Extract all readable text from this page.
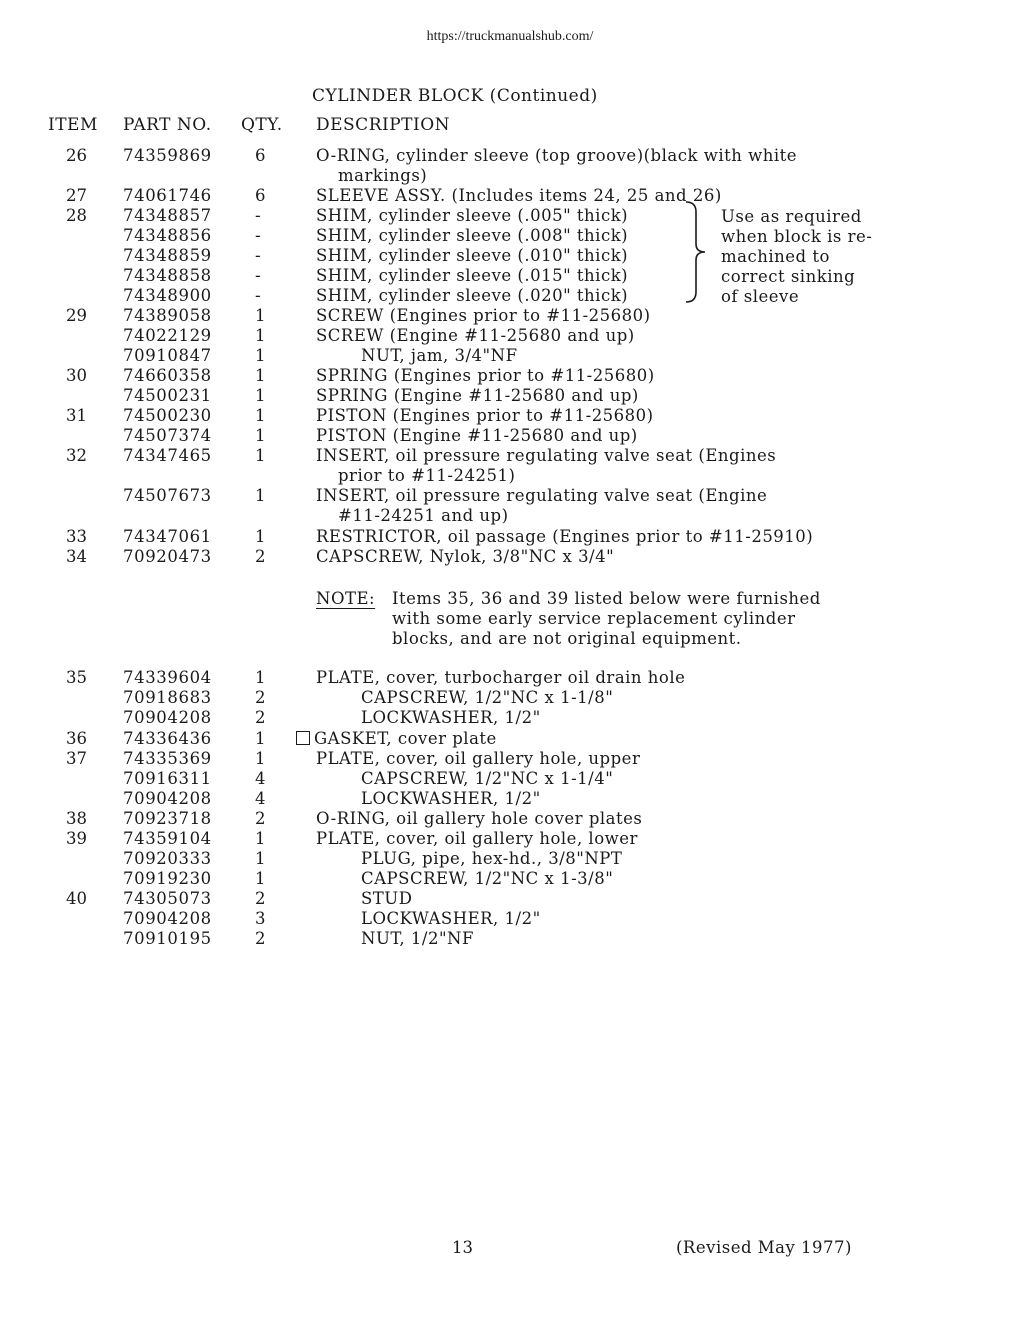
https://truckmanualshub.com/
CYLINDER BLOCK (Continued)
ITEM PART NO. QTY. DESCRIPTION
26 74359869	6	O-RING, cylinder sleeve (top groove)(black with white
markings)
27 74061746	6	SLEEVE ASSY. (Includes items 24, 25 and 26)
28 74348857	-	SHIM, cylinder sleeve (.005" thick)
74348856	-	SHIM, cylinder sleeve (.008" thick)
74348859	-	SHIM, cylinder sleeve (.010" thick)
74348858	-	SHIM, cylinder sleeve (.015" thick)
74348900	-	SHIM, cylinder sleeve (.020" thick)
29 74389058	1	SCREW (Engines prior to #11-25680)
74022129	1	SCREW (Engine #11-25680 and up)
70910847	1	NUT, jam, 3/4"NF
30 74660358	1	SPRING (Engines prior to #11-25680)
74500231	1	SPRING (Engine #11-25680 and up)
31 74500230	1	PISTON (Engines prior to #11-25680)
74507374	1	PISTON (Engine #11-25680 and up)
32 74347465	1	INSERT, oil pressure regulating valve seat (Engines
prior to #11-24251)
74507673	1	INSERT, oil pressure regulating valve seat (Engine
#11-24251 and up)
33 74347061	1	RESTRICTOR, oil passage (Engines prior to #11-25910)
34 70920473	2	CAPSCREW, Nylok, 3/8"NC x 3/4"
35 74339604	1	PLATE, cover, turbocharger oil drain hole
70918683	2	CAPSCREW, 1/2"NC x 1-1/8"
70904208	2	LOCKWASHER, 1/2"
36 74336436	1	GASKET, cover plate
37 74335369	1	PLATE, cover, oil gallery hole, upper
70916311	4	CAPSCREW, 1/2"NC x 1-1/4"
70904208	4	LOCKWASHER, 1/2"
38 70923718	2	O-RING, oil gallery hole cover plates
39 74359104	1	PLATE, cover, oil gallery hole, lower
70920333	1	PLUG, pipe, hex-hd., 3/8"NPT
70919230	1	CAPSCREW, 1/2"NC x 1-3/8"
40 74305073	2	STUD
70904208	3	LOCKWASHER, 1/2"
70910195	2	NUT, 1/2"NF
Use as required
when block is re-
machined to
correct sinking
of sleeve
NOTE: Items 35, 36 and 39 listed below were furnished
with some early service replacement cylinder
blocks, and are not original equipment.
13	(Revised May 1977)
